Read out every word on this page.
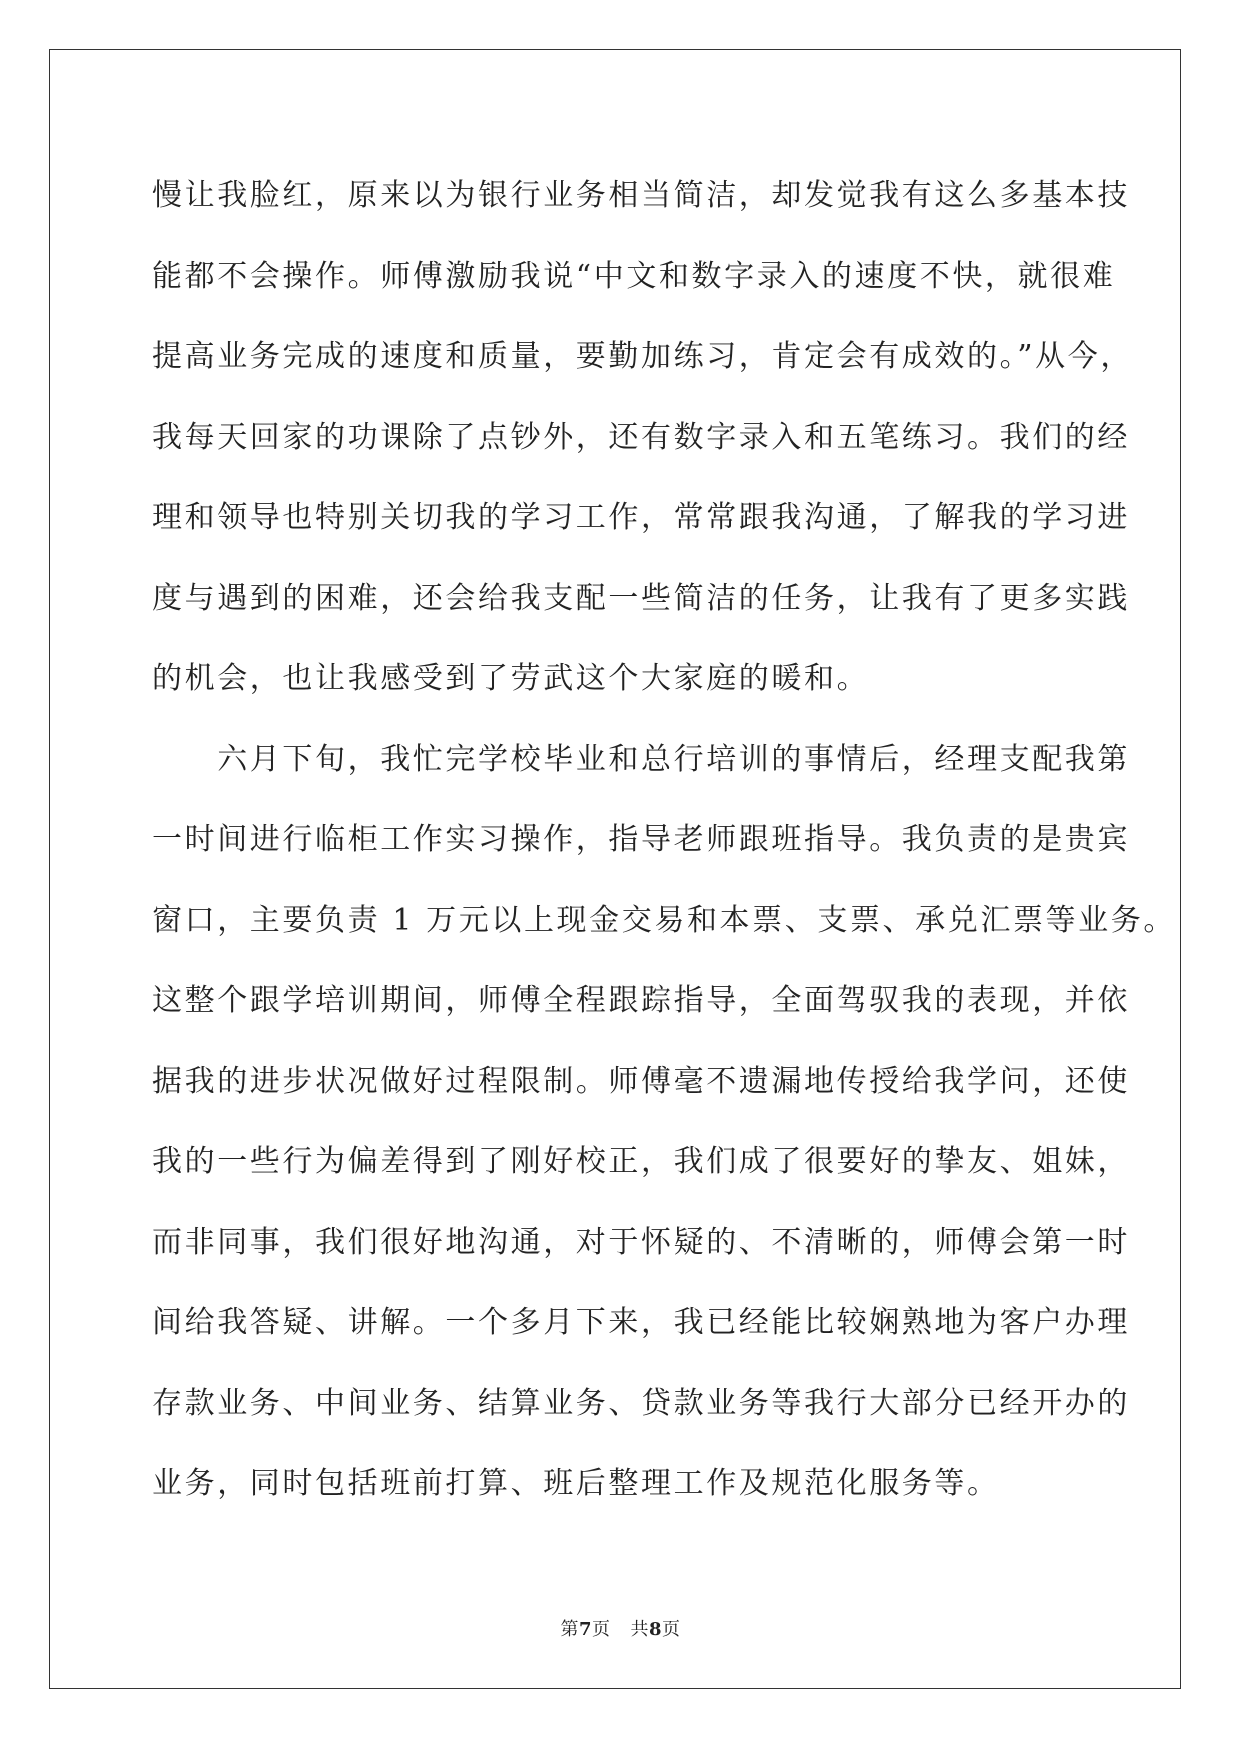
慢让我脸红，原来以为银行业务相当简洁，却发觉我有这么多基本技
能都不会操作。师傅激励我说“中文和数字录入的速度不快，就很难
提高业务完成的速度和质量，要勤加练习，肯定会有成效的。”从今，
我每天回家的功课除了点钞外，还有数字录入和五笔练习。我们的经
理和领导也特别关切我的学习工作，常常跟我沟通，了解我的学习进
度与遇到的困难，还会给我支配一些简洁的任务，让我有了更多实践
的机会，也让我感受到了劳武这个大家庭的暖和。
　　六月下旬，我忙完学校毕业和总行培训的事情后，经理支配我第
一时间进行临柜工作实习操作，指导老师跟班指导。我负责的是贵宾
窗口，主要负责 1 万元以上现金交易和本票、支票、承兑汇票等业务。
这整个跟学培训期间，师傅全程跟踪指导，全面驾驭我的表现，并依
据我的进步状况做好过程限制。师傅毫不遗漏地传授给我学问，还使
我的一些行为偏差得到了刚好校正，我们成了很要好的挚友、姐妹，
而非同事，我们很好地沟通，对于怀疑的、不清晰的，师傅会第一时
间给我答疑、讲解。一个多月下来，我已经能比较娴熟地为客户办理
存款业务、中间业务、结算业务、贷款业务等我行大部分已经开办的
业务，同时包括班前打算、班后整理工作及规范化服务等。
第7页 共8页
